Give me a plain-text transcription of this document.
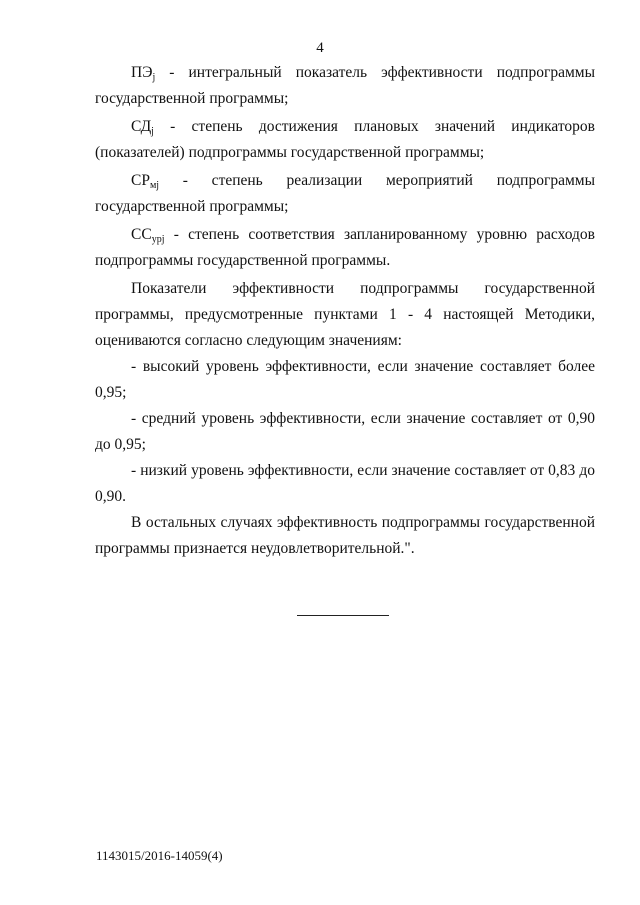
4

$ПЭ_j$ - интегральный показатель эффективности подпрограммы государственной программы;

$СД_j$ - степень достижения плановых значений индикаторов (показателей) подпрограммы государственной программы;

$СР_{мj}$ - степень реализации мероприятий подпрограммы государственной программы;

$СС_{урj}$ - степень соответствия запланированному уровню расходов подпрограммы государственной программы.

Показатели эффективности подпрограммы государственной программы, предусмотренные пунктами 1 - 4 настоящей Методики, оцениваются согласно следующим значениям:

- высокий уровень эффективности, если значение составляет более 0,95;

- средний уровень эффективности, если значение составляет от 0,90 до 0,95;

- низкий уровень эффективности, если значение составляет от 0,83 до 0,90.

В остальных случаях эффективность подпрограммы государственной программы признается неудовлетворительной.".

1143015/2016-14059(4)
